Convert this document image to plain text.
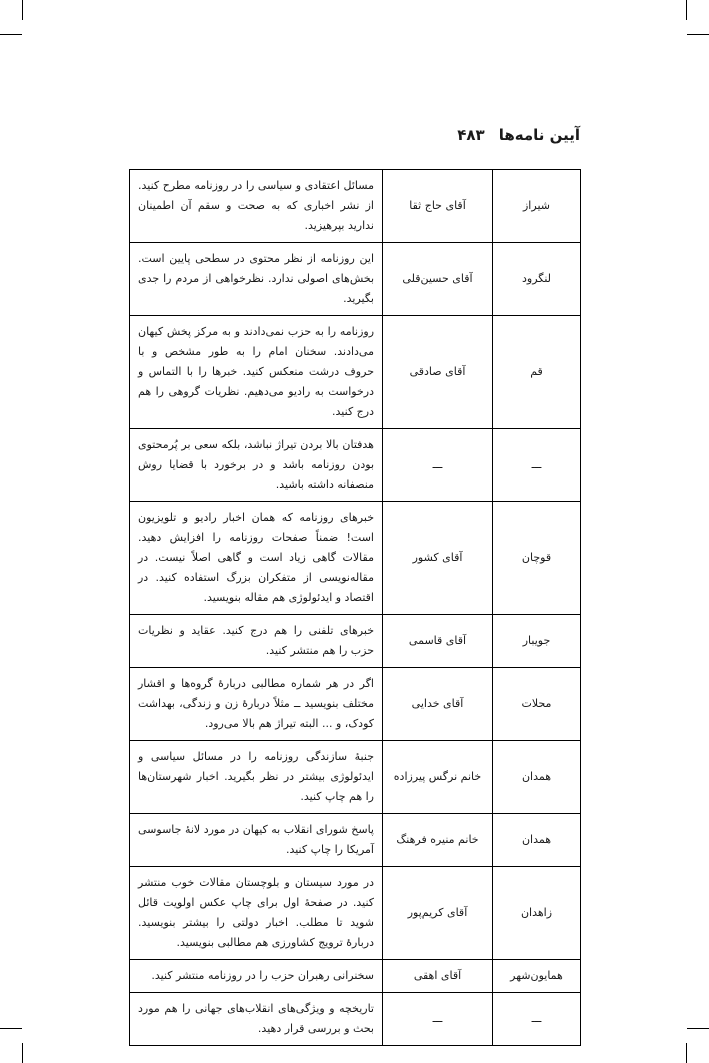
آیین نامه‌ها
۴۸۳
شیراز	آقای حاج ثقا	مسائل اعتقادی و سیاسی را در روزنامه مطرح کنید. از نشر اخباری که به صحت و سقم آن اطمینان ندارید بپرهیزید.
لنگرود	آقای حسین‌قلی	این روزنامه از نظر محتوی در سطحی پایین است. بخش‌های اصولی ندارد. نظرخواهی از مردم را جدی بگیرید.
قم	آقای صادقی	روزنامه را به حزب نمی‌دادند و به مرکز پخش کیهان می‌دادند. سخنان امام را به طور مشخص و با حروف درشت منعکس کنید. خبرها را با التماس و درخواست به رادیو می‌دهیم. نظریات گروهی را هم درج کنید.
ـــ	ـــ	هدفتان بالا بردن تیراژ نباشد، بلکه سعی بر پُرمحتوی بودن روزنامه باشد و در برخورد با قضایا روش منصفانه داشته باشید.
قوچان	آقای کشور	خبرهای روزنامه که همان اخبار رادیو و تلویزیون است! ضمناً صفحات روزنامه را افزایش دهید. مقالات گاهی زیاد است و گاهی اصلاً نیست. در مقاله‌نویسی از متفکران بزرگ استفاده کنید. در اقتصاد و ایدئولوژی هم مقاله بنویسید.
جویبار	آقای قاسمی	خبرهای تلفنی را هم درج کنید. عقاید و نظریات حزب را هم منتشر کنید.
محلات	آقای خدایی	اگر در هر شماره مطالبی دربارهٔ گروه‌ها و اقشار مختلف بنویسید ــ مثلاً دربارهٔ زن و زندگی، بهداشت کودک، و ... البته تیراژ هم بالا می‌رود.
همدان	خانم نرگس پیرزاده	جنبهٔ سازندگی روزنامه را در مسائل سیاسی و ایدئولوژی بیشتر در نظر بگیرید. اخبار شهرستان‌ها را هم چاپ کنید.
همدان	خانم منیره فرهنگ	پاسخ شورای انقلاب به کیهان در مورد لانهٔ جاسوسی آمریکا را چاپ کنید.
زاهدان	آقای کریم‌پور	در مورد سیستان و بلوچستان مقالات خوب منتشر کنید. در صفحهٔ اول برای چاپ عکس اولویت قائل شوید تا مطلب. اخبار دولتی را بیشتر بنویسید. دربارهٔ ترویج کشاورزی هم مطالبی بنویسید.
همایون‌شهر	آقای اهقی	سخنرانی رهبران حزب را در روزنامه منتشر کنید.
ـــ	ـــ	تاریخچه و ویژگی‌های انقلاب‌های جهانی را هم مورد بحث و بررسی قرار دهید.
